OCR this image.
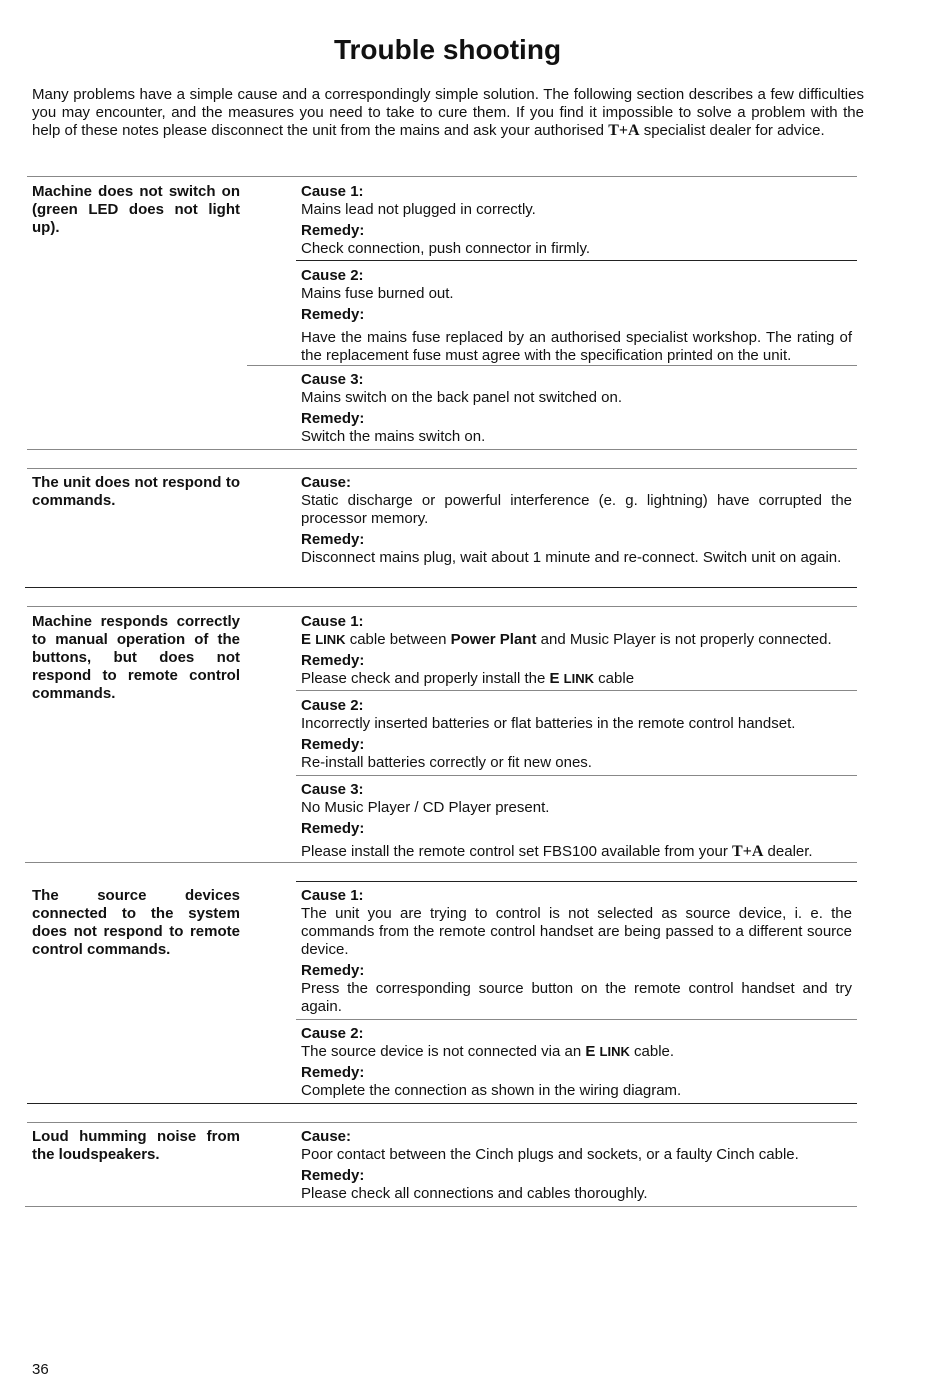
Trouble shooting

Many problems have a simple cause and a correspondingly simple solution. The following section describes a few difficulties you may encounter, and the measures you need to take to cure them. If you find it impossible to solve a problem with the help of these notes please disconnect the unit from the mains and ask your authorised T+A specialist dealer for advice.

Machine does not switch on (green LED does not light up).
Cause 1:
Mains lead not plugged in correctly.
Remedy:
Check connection, push connector in firmly.
Cause 2:
Mains fuse burned out.
Remedy:
Have the mains fuse replaced by an authorised specialist workshop. The rating of the replacement fuse must agree with the specification printed on the unit.
Cause 3:
Mains switch on the back panel not switched on.
Remedy:
Switch the mains switch on.
The unit does not respond to commands.
Cause:
Static discharge or powerful interference (e. g. lightning) have corrupted the processor memory.
Remedy:
Disconnect mains plug, wait about 1 minute and re-connect. Switch unit on again.
Machine responds correctly to manual operation of the buttons, but does not respond to remote control commands.
Cause 1:
E LINK cable between Power Plant and Music Player is not properly connected.
Remedy:
Please check and properly install the E LINK cable
Cause 2:
Incorrectly inserted batteries or flat batteries in the remote control handset.
Remedy:
Re-install batteries correctly or fit new ones.
Cause 3:
No Music Player / CD Player present.
Remedy:
Please install the remote control set FBS100 available from your T+A dealer.
The source devices connected to the system does not respond to remote control commands.
Cause 1:
The unit you are trying to control is not selected as source device, i. e. the commands from the remote control handset are being passed to a different source device.
Remedy:
Press the corresponding source button on the remote control handset and try again.
Cause 2:
The source device is not connected via an E LINK cable.
Remedy:
Complete the connection as shown in the wiring diagram.
Loud humming noise from the loudspeakers.
Cause:
Poor contact between the Cinch plugs and sockets, or a faulty Cinch cable.
Remedy:
Please check all connections and cables thoroughly.
36
